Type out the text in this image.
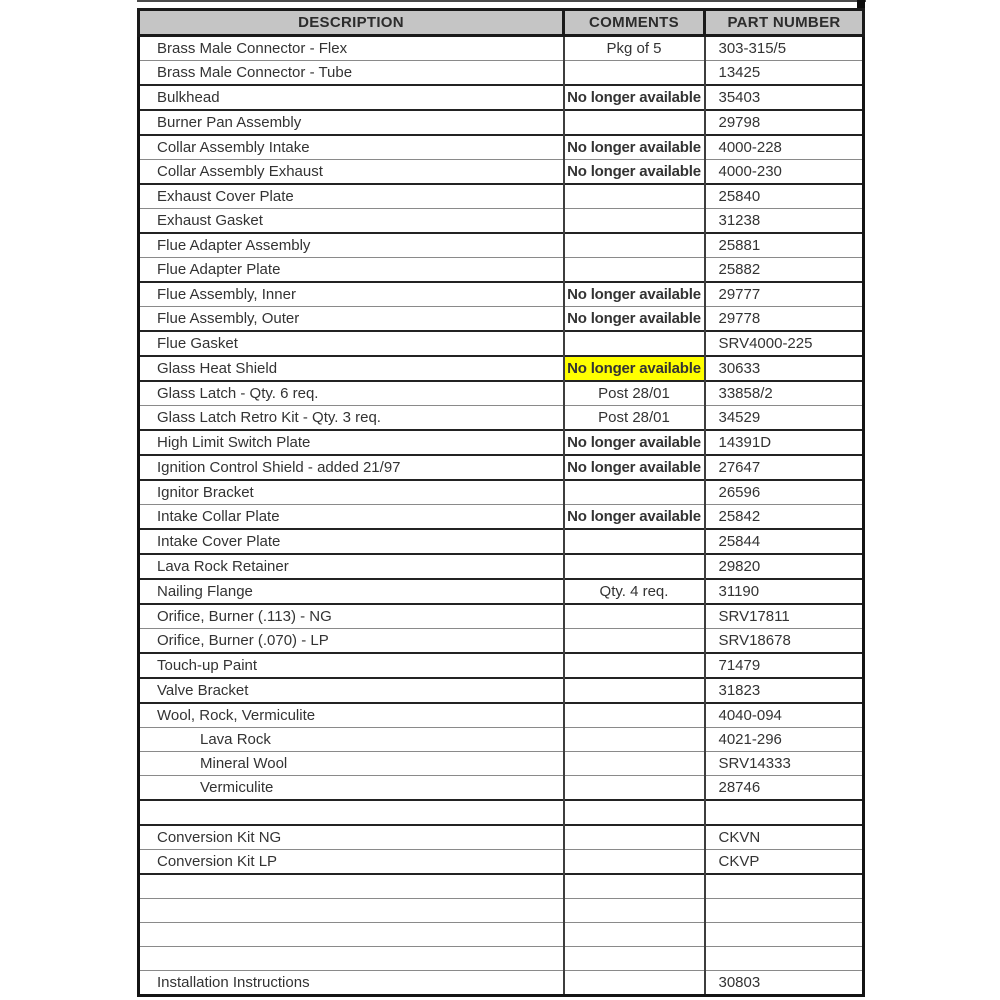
DESCRIPTION	COMMENTS	PART NUMBER
Brass Male Connector - Flex	Pkg of 5	303-315/5
Brass Male Connector - Tube		13425
Bulkhead	No longer available	35403
Burner Pan Assembly		29798
Collar Assembly Intake	No longer available	4000-228
Collar Assembly Exhaust	No longer available	4000-230
Exhaust Cover Plate		25840
Exhaust Gasket		31238
Flue Adapter Assembly		25881
Flue Adapter Plate		25882
Flue Assembly, Inner	No longer available	29777
Flue Assembly, Outer	No longer available	29778
Flue Gasket		SRV4000-225
Glass Heat Shield	No longer available	30633
Glass Latch - Qty. 6 req.	Post 28/01	33858/2
Glass Latch Retro Kit - Qty. 3 req.	Post 28/01	34529
High Limit Switch Plate	No longer available	14391D
Ignition Control Shield - added 21/97	No longer available	27647
Ignitor Bracket		26596
Intake Collar Plate	No longer available	25842
Intake Cover Plate		25844
Lava Rock Retainer		29820
Nailing Flange	Qty. 4 req.	31190
Orifice, Burner (.113) - NG		SRV17811
Orifice, Burner (.070) - LP		SRV18678
Touch-up Paint		71479
Valve Bracket		31823
Wool, Rock, Vermiculite		4040-094
Lava Rock		4021-296
Mineral Wool		SRV14333
Vermiculite		28746

Conversion Kit NG		CKVN
Conversion Kit LP		CKVP

Installation Instructions		30803
